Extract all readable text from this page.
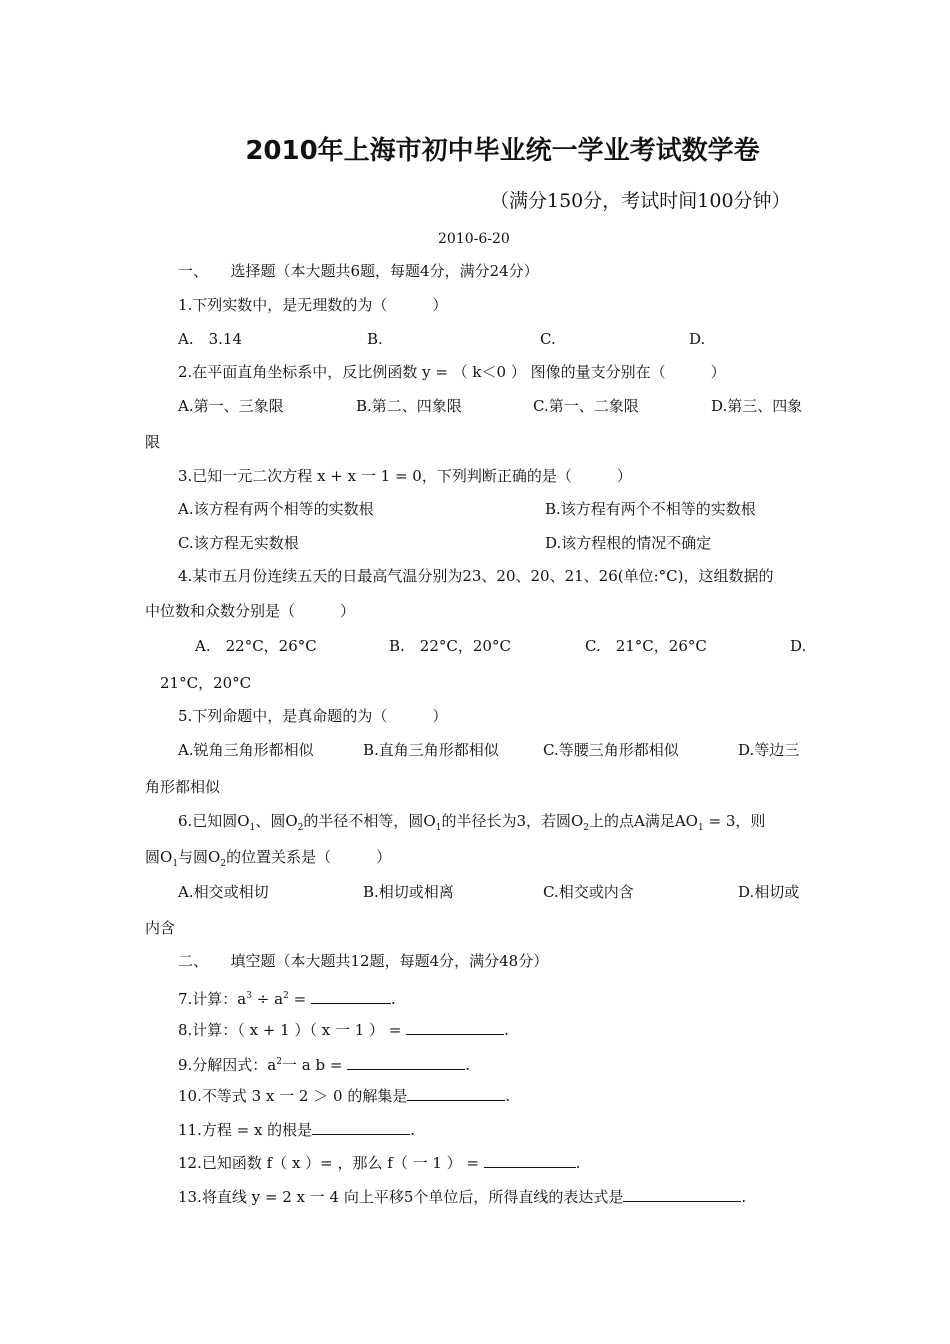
2010年上海市初中毕业统一学业考试数学卷
（满分150分，考试时间100分钟）
2010-6-20
一、　　选择题（本大题共6题，每题4分，满分24分）
1.下列实数中，是无理数的为（　　　）
A.　3.14	B.	C.	D.
2.在平面直角坐标系中，反比例函数 y = （ k＜0 ） 图像的量支分别在（　　　）
A.第一、三象限	B.第二、四象限	C.第一、二象限	D.第三、四象
限
3.已知一元二次方程 x + x 一 1 = 0，下列判断正确的是（　　　）
A.该方程有两个相等的实数根	B.该方程有两个不相等的实数根
C.该方程无实数根	D.该方程根的情况不确定
4.某市五月份连续五天的日最高气温分别为23、20、20、21、26(单位:°C)，这组数据的
中位数和众数分别是（　　　）
A.　22°C，26°C	B.　22°C，20°C	C.　21°C，26°C	D.
21°C，20°C
5.下列命题中，是真命题的为（　　　）
A.锐角三角形都相似	B.直角三角形都相似	C.等腰三角形都相似	D.等边三
角形都相似
6.已知圆$O_1$、圆$O_2$的半径不相等，圆$O_1$的半径长为3，若圆$O_2$上的点A满足$AO_1 = 3$，则
圆$O_1$与圆$O_2$的位置关系是（　　　）
A.相交或相切	B.相切或相离	C.相交或内含	D.相切或
内含
二、　　填空题（本大题共12题，每题4分，满分48分）
7.计算：$a^3 \div a^2$ =	.
8.计算：（ x + 1 ）（ x 一 1 ） =	.
9.分解因式：$a^2$一 a b =	.
10.不等式 3 x 一 2 ＞ 0 的解集是	.
11.方程 = x 的根是	.
12.已知函数 f（ x ）= ，那么 f（ 一 1 ） =	.
13.将直线 y = 2 x 一 4 向上平移5个单位后，所得直线的表达式是	.
